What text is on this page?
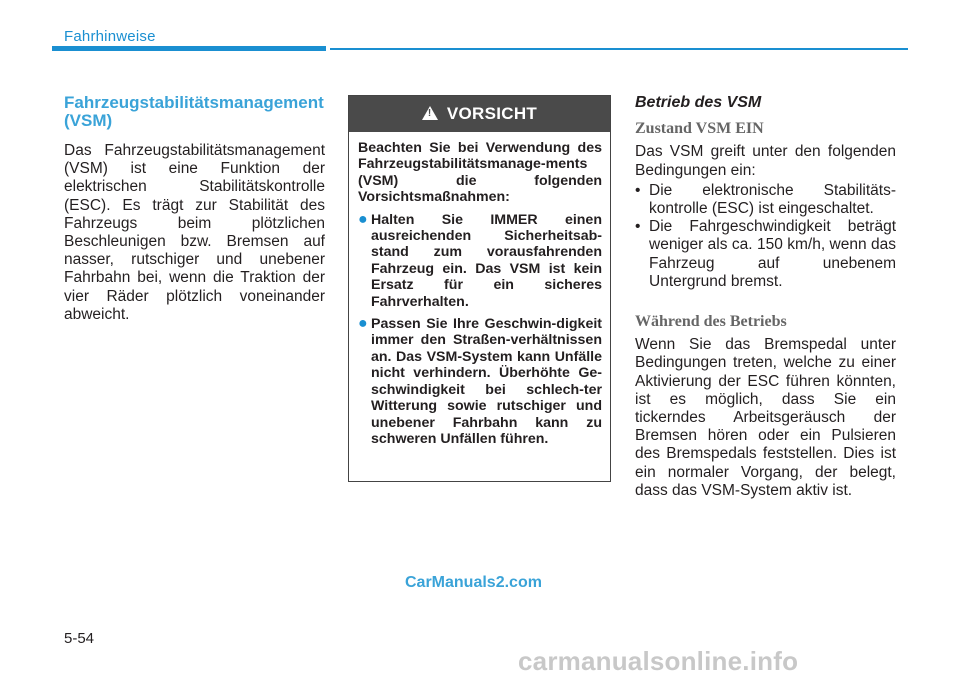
Fahrhinweise
Fahrzeugstabilitätsmanagement (VSM)
Das Fahrzeugstabilitätsmanagement (VSM) ist eine Funktion der elektrischen Stabilitätskontrolle (ESC). Es trägt zur Stabilität des Fahrzeugs beim plötzlichen Beschleunigen bzw. Bremsen auf nasser, rutschiger und unebener Fahrbahn bei, wenn die Traktion der vier Räder plötzlich voneinander abweicht.
!
VORSICHT
Beachten Sie bei Verwendung des Fahrzeugstabilitätsmanage-ments (VSM) die folgenden Vorsichtsmaßnahmen:
● Halten Sie IMMER einen ausreichenden Sicherheitsab-stand zum vorausfahrenden Fahrzeug ein. Das VSM ist kein Ersatz für ein sicheres Fahrverhalten.
● Passen Sie Ihre Geschwin-digkeit immer den Straßen-verhältnissen an. Das VSM-System kann Unfälle nicht verhindern. Überhöhte Ge-schwindigkeit bei schlech-ter Witterung sowie rutschiger und unebener Fahrbahn kann zu schweren Unfällen führen.
Betrieb des VSM
Zustand VSM EIN
Das VSM greift unter den folgenden Bedingungen ein:
• Die elektronische Stabilitäts-kontrolle (ESC) ist eingeschaltet.
• Die Fahrgeschwindigkeit beträgt weniger als ca. 150 km/h, wenn das Fahrzeug auf unebenem Untergrund bremst.
Während des Betriebs
Wenn Sie das Bremspedal unter Bedingungen treten, welche zu einer Aktivierung der ESC führen könnten, ist es möglich, dass Sie ein tickerndes Arbeitsgeräusch der Bremsen hören oder ein Pulsieren des Bremspedals feststellen. Dies ist ein normaler Vorgang, der belegt, dass das VSM-System aktiv ist.
CarManuals2.com
5-54
carmanualsonline.info
